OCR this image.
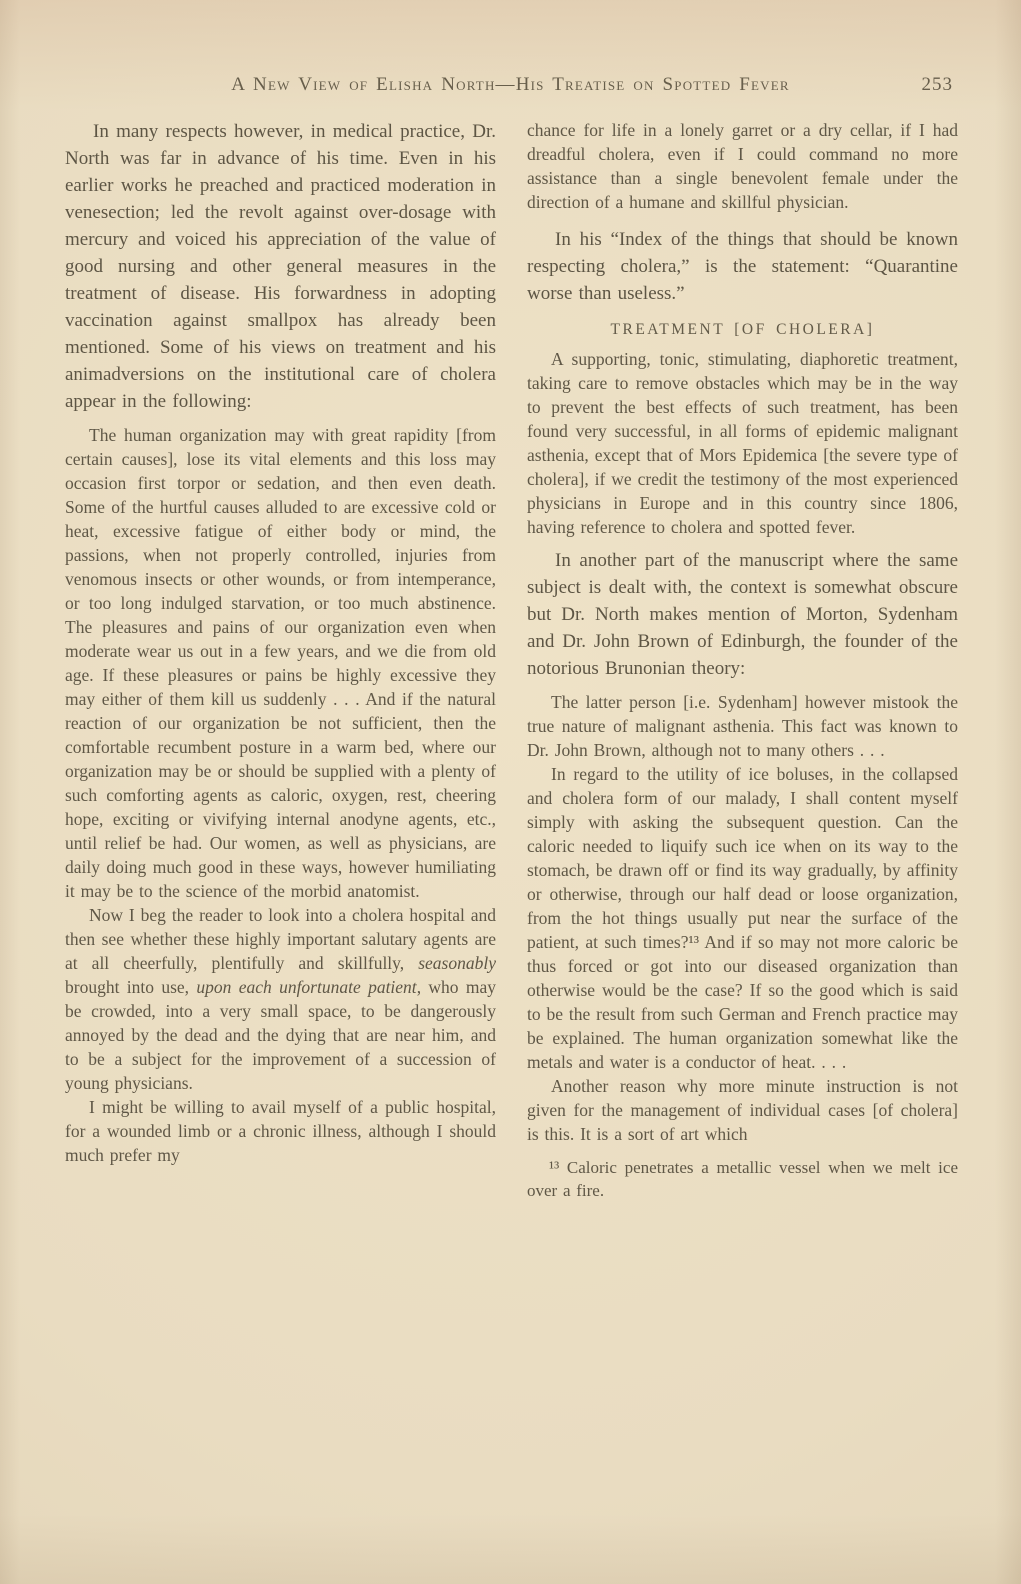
A New View of Elisha North—His Treatise on Spotted Fever	253

In many respects however, in medical practice, Dr. North was far in advance of his time. Even in his earlier works he preached and practiced moderation in venesection; led the revolt against over-dosage with mercury and voiced his appreciation of the value of good nursing and other general measures in the treatment of disease. His forwardness in adopting vaccination against smallpox has already been mentioned. Some of his views on treatment and his animadversions on the institutional care of cholera appear in the following:

The human organization may with great rapidity [from certain causes], lose its vital elements and this loss may occasion first torpor or sedation, and then even death. Some of the hurtful causes alluded to are excessive cold or heat, excessive fatigue of either body or mind, the passions, when not properly controlled, injuries from venomous insects or other wounds, or from intemperance, or too long indulged starvation, or too much abstinence. The pleasures and pains of our organization even when moderate wear us out in a few years, and we die from old age. If these pleasures or pains be highly excessive they may either of them kill us suddenly . . . And if the natural reaction of our organization be not sufficient, then the comfortable recumbent posture in a warm bed, where our organization may be or should be supplied with a plenty of such comforting agents as caloric, oxygen, rest, cheering hope, exciting or vivifying internal anodyne agents, etc., until relief be had. Our women, as well as physicians, are daily doing much good in these ways, however humiliating it may be to the science of the morbid anatomist.

Now I beg the reader to look into a cholera hospital and then see whether these highly important salutary agents are at all cheerfully, plentifully and skillfully, seasonably brought into use, upon each unfortunate patient, who may be crowded, into a very small space, to be dangerously annoyed by the dead and the dying that are near him, and to be a subject for the improvement of a succession of young physicians.

I might be willing to avail myself of a public hospital, for a wounded limb or a chronic illness, although I should much prefer my

chance for life in a lonely garret or a dry cellar, if I had dreadful cholera, even if I could command no more assistance than a single benevolent female under the direction of a humane and skillful physician.

In his “Index of the things that should be known respecting cholera,” is the statement: “Quarantine worse than useless.”

TREATMENT [OF CHOLERA]

A supporting, tonic, stimulating, diaphoretic treatment, taking care to remove obstacles which may be in the way to prevent the best effects of such treatment, has been found very successful, in all forms of epidemic malignant asthenia, except that of Mors Epidemica [the severe type of cholera], if we credit the testimony of the most experienced physicians in Europe and in this country since 1806, having reference to cholera and spotted fever.

In another part of the manuscript where the same subject is dealt with, the context is somewhat obscure but Dr. North makes mention of Morton, Sydenham and Dr. John Brown of Edinburgh, the founder of the notorious Brunonian theory:

The latter person [i.e. Sydenham] however mistook the true nature of malignant asthenia. This fact was known to Dr. John Brown, although not to many others . . .

In regard to the utility of ice boluses, in the collapsed and cholera form of our malady, I shall content myself simply with asking the subsequent question. Can the caloric needed to liquify such ice when on its way to the stomach, be drawn off or find its way gradually, by affinity or otherwise, through our half dead or loose organization, from the hot things usually put near the surface of the patient, at such times?¹³ And if so may not more caloric be thus forced or got into our diseased organization than otherwise would be the case? If so the good which is said to be the result from such German and French practice may be explained. The human organization somewhat like the metals and water is a conductor of heat. . . .

Another reason why more minute instruction is not given for the management of individual cases [of cholera] is this. It is a sort of art which

¹³ Caloric penetrates a metallic vessel when we melt ice over a fire.
